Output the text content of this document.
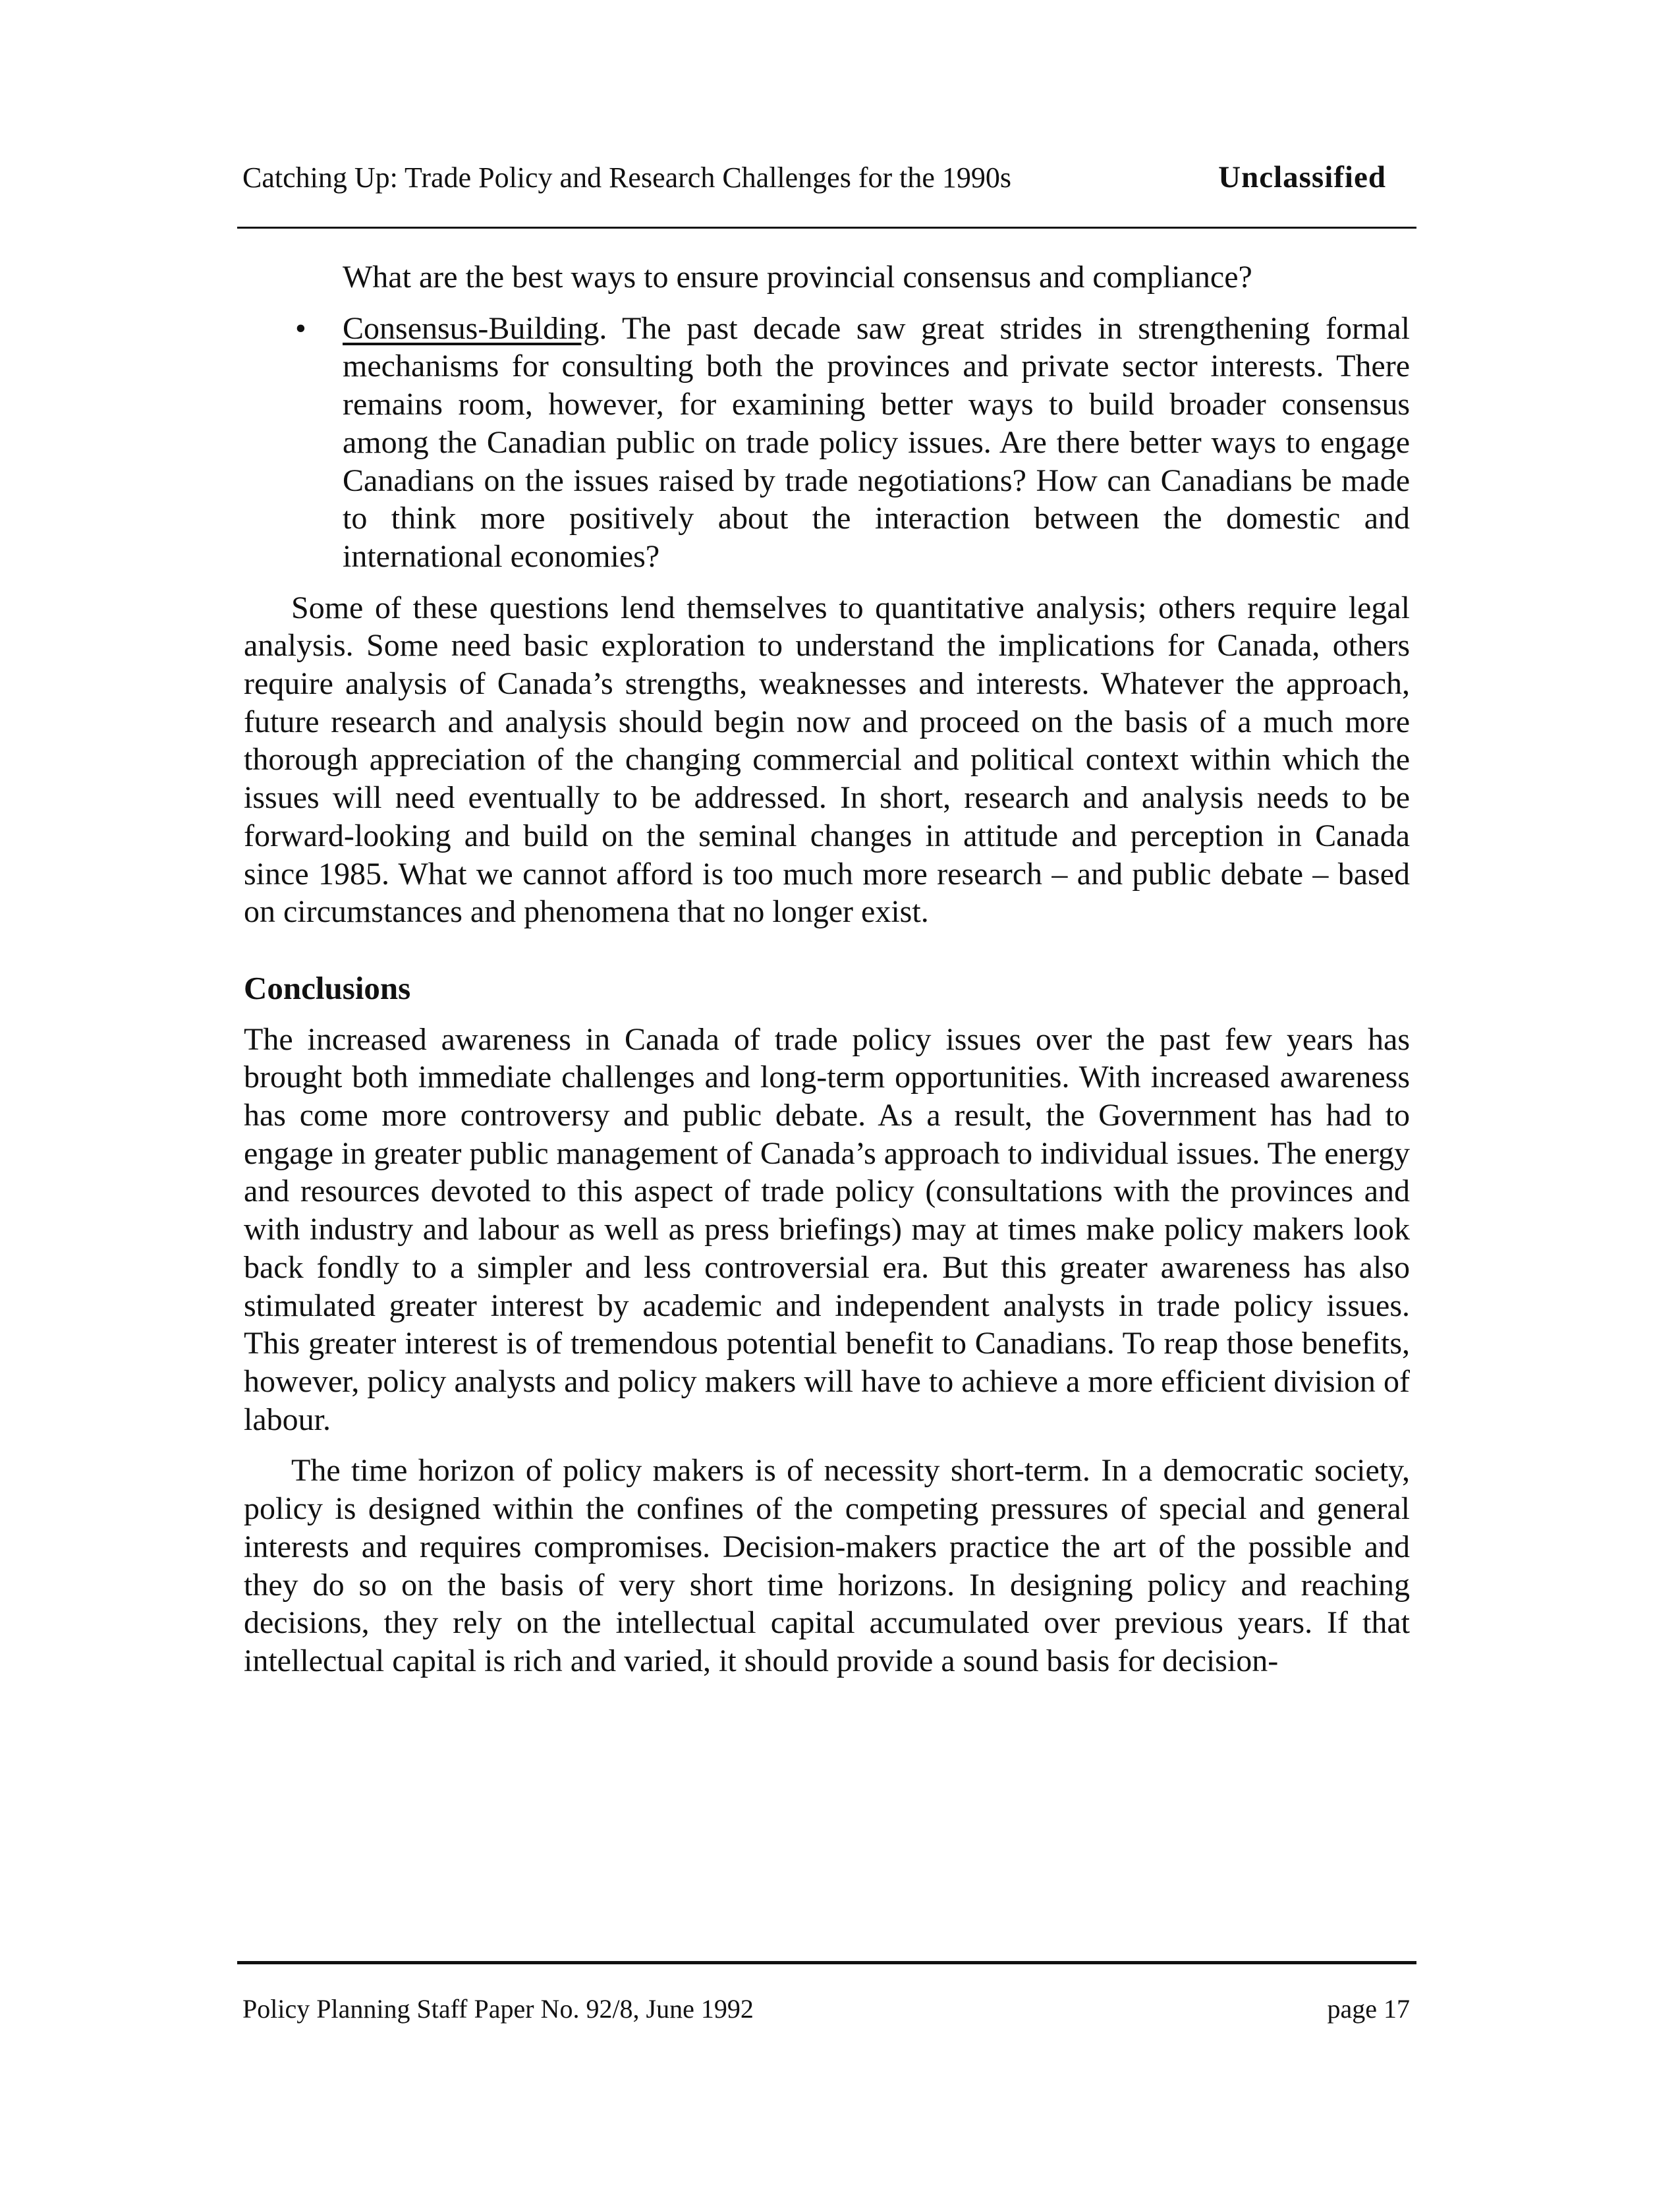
Catching Up: Trade Policy and Research Challenges for the 1990s	Unclassified

What are the best ways to ensure provincial consensus and compliance?

• Consensus-Building. The past decade saw great strides in strengthening formal mechanisms for consulting both the provinces and private sector interests. There remains room, however, for examining better ways to build broader consensus among the Canadian public on trade policy issues. Are there better ways to engage Canadians on the issues raised by trade negotiations? How can Canadians be made to think more positively about the interaction between the domestic and international economies?

Some of these questions lend themselves to quantitative analysis; others require legal analysis. Some need basic exploration to understand the implications for Canada, others require analysis of Canada’s strengths, weaknesses and interests. Whatever the approach, future research and analysis should begin now and proceed on the basis of a much more thorough appreciation of the changing commercial and political context within which the issues will need eventually to be addressed. In short, research and analysis needs to be forward-looking and build on the seminal changes in attitude and perception in Canada since 1985. What we cannot afford is too much more research – and public debate – based on circumstances and phenomena that no longer exist.

Conclusions

The increased awareness in Canada of trade policy issues over the past few years has brought both immediate challenges and long-term opportunities. With increased awareness has come more controversy and public debate. As a result, the Government has had to engage in greater public management of Canada’s approach to individual issues. The energy and resources devoted to this aspect of trade policy (consultations with the provinces and with industry and labour as well as press briefings) may at times make policy makers look back fondly to a simpler and less controversial era. But this greater awareness has also stimulated greater interest by academic and independent analysts in trade policy issues. This greater interest is of tremendous potential benefit to Canadians. To reap those benefits, however, policy analysts and policy makers will have to achieve a more efficient division of labour.

The time horizon of policy makers is of necessity short-term. In a democratic society, policy is designed within the confines of the competing pressures of special and general interests and requires compromises. Decision-makers practice the art of the possible and they do so on the basis of very short time horizons. In designing policy and reaching decisions, they rely on the intellectual capital accumulated over previous years. If that intellectual capital is rich and varied, it should provide a sound basis for decision-

Policy Planning Staff Paper No. 92/8, June 1992	page 17
